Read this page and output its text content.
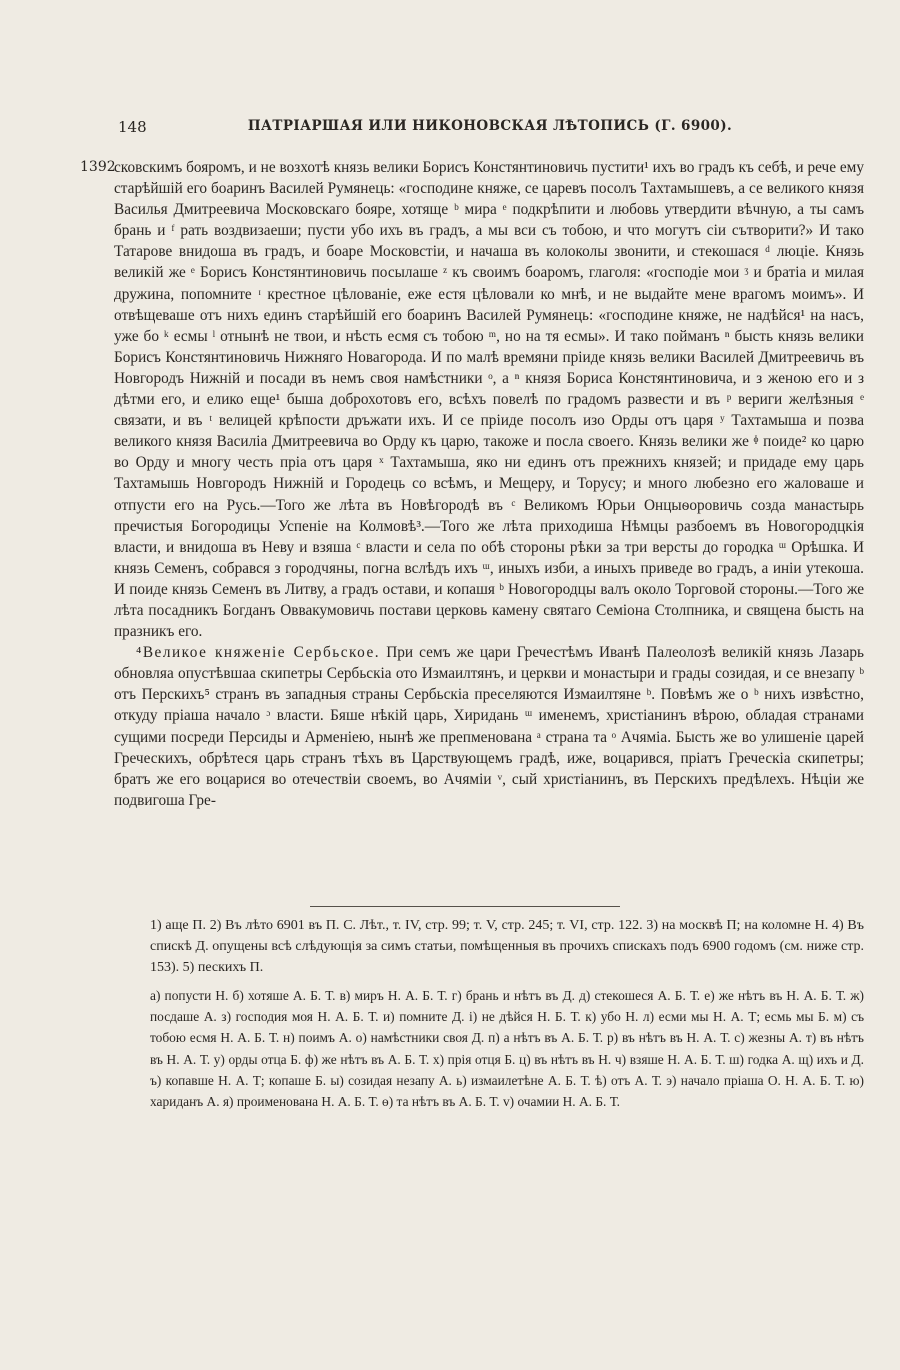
148	ПАТРІАРШАЯ ИЛИ НИКОНОВСКАЯ ЛѢТОПИСЬ (Г. 6900).
1392

сковскимъ бояромъ, и не возхотѣ князь велики Борисъ Констянтиновичь пустити¹ ихъ во градъ къ себѣ, и рече ему старѣйшій его боаринъ Василей Румянець: «господине княже, се царевъ посолъ Тахтамышевъ, а се великого князя Василья Дмитреевича Московскаго бояре, хотяще ᵇ мира ᵉ подкрѣпити и любовь утвердити вѣчную, а ты самъ брань и ᶠ рать воздвизаеши; пусти убо ихъ въ градъ, а мы вси съ тобою, и что могутъ сіи сътворити?» И тако Татарове внидоша въ градъ, и боаре Московстіи, и начаша въ колоколы звонити, и стекошася ᵈ люціе. Князь великій же ᵉ Борисъ Констянтиновичь посылаше ᶻ къ своимъ боаромъ, глаголя: «господіе мои ᶾ и братіа и милая дружина, попомните ᶦ крестное цѣлованіе, еже естя цѣловали ко мнѣ, и не выдайте мене врагомъ моимъ». И отвѣщеваше отъ нихъ единъ старѣйшій его боаринъ Василей Румянець: «господине княже, не надѣйся¹ на насъ, уже бо ᵏ есмы ˡ отнынѣ не твои, и нѣсть есмя съ тобою ᵐ, но на тя есмы». И тако пойманъ ⁿ бысть князь велики Борисъ Констянтиновичь Нижняго Новагорода. И по малѣ времяни пріиде князь велики Василей Дмитреевичь въ Новгородъ Нижній и посади въ немъ своя намѣстники ᵒ, а ⁿ князя Бориса Констянтиновича, и з женою его и з дѣтми его, и елико еще¹ быша доброхотовъ его, всѣхъ повелѣ по градомъ развести и въ ᵖ вериги желѣзныя ᵉ связати, и въ ᵗ велицей крѣпости дръжати ихъ. И се пріиде посолъ изо Орды отъ царя ʸ Тахтамыша и позва великого князя Василіа Дмитреевича во Орду къ царю, такожe и посла своего. Князь велики же ᶲ поиде² ко царю во Орду и многу честь пріа отъ царя ˣ Тахтамыша, яко ни единъ отъ прежнихъ князей; и придаде ему царь Тахтамышь Новгородъ Нижній и Городець со всѣмъ, и Мещеру, и Торусу; и много любезно его жаловаше и отпусти его на Русь.—Того же лѣта въ Новѣгородѣ въ ᶜ Великомъ Юрьи Онцыѳоровичь созда манастырь пречистыя Богородицы Успеніе на Колмовѣ³.—Того же лѣта приходиша Нѣмцы разбоемъ въ Новогородцкія власти, и внидоша въ Неву и взяша ᶜ власти и села по обѣ стороны рѣки за три версты до городка ᵚ Орѣшка. И князь Семенъ, собрався з городчяны, погна вслѣдъ ихъ ᵚ, иныхъ изби, а иныхъ приведе во градъ, а иніи утекоша. И поиде князь Семенъ въ Литву, а градъ остави, и копашя ᵇ Новогородцы валъ около Торговой стороны.—Того же лѣта посадникъ Богданъ Оввакумовичь постави церковь камену святаго Семіона Столпника, и священа бысть на празникъ его.

⁴Великое княженіе Сербьское. При семъ же цари Гречестѣмъ Иванѣ Палеолозѣ великій князь Лазарь обновляа опустѣвшаа скипетры Сербьскіа ото Измаилтянъ, и церкви и монастыри и грады созидая, и се внезапу ᵇ отъ Перскихъ⁵ странъ въ западныя страны Сербьскіа преселяются Измаилтяне ᵇ. Повѣмъ же о ᵇ нихъ извѣстно, откуду пріаша начало ᵓ власти. Бяше нѣкій царь, Хиридань ᵚ именемъ, христіанинъ вѣрою, обладая странами сущими посреди Персиды и Арменіею, нынѣ же препменована ᵃ страна та ᵒ Ачяміа. Бысть же во улишеніе царей Греческихъ, обрѣтеся царь странъ тѣхъ въ Царствующемъ градѣ, иже, воцарився, пріатъ Греческіа скипетры; братъ же его воцарися во отечествіи своемъ, во Ачяміи ᵛ, сый христіанинъ, въ Перскихъ предѣлехъ. Нѣціи же подвигоша Гре-

1) аще П. 2) Въ лѣто 6901 въ П. С. Лѣт., т. IV, стр. 99; т. V, стр. 245; т. VI, стр. 122. 3) на москвѣ П; на коломне Н. 4) Въ спискѣ Д. опущены всѣ слѣдующія за симъ статьи, помѣщенныя въ прочихъ спискахъ подъ 6900 годомъ (см. ниже стр. 153). 5) пескихъ П.

а) попусти Н. б) хотяше А. Б. Т. в) миръ Н. А. Б. Т. г) брань и нѣтъ въ Д. д) стекошеся А. Б. Т. е) же нѣтъ въ Н. А. Б. Т. ж) посдаше А. з) господия моя Н. А. Б. Т. и) помните Д. і) не дѣйся Н. Б. Т. к) убо Н. л) есми мы Н. А. Т; есмь мы Б. м) съ тобою есмя Н. А. Б. Т. н) поимъ А. о) намѣстники своя Д. п) а нѣтъ въ А. Б. Т. р) въ нѣтъ въ Н. А. Т. с) жезны А. т) въ нѣтъ въ Н. А. Т. у) орды отца Б. ф) же нѣтъ въ А. Б. Т. х) прія отця Б. ц) въ нѣтъ въ Н. ч) взяше Н. А. Б. Т. ш) годка А. щ) ихъ и Д. ъ) копавше Н. А. Т; копаше Б. ы) созидая незапу А. ь) измаилетѣне А. Б. Т. ѣ) отъ А. Т. э) начало пріаша О. Н. А. Б. Т. ю) хариданъ А. я) проименована Н. А. Б. Т. ѳ) та нѣтъ въ А. Б. Т. v) очамии Н. А. Б. Т.
